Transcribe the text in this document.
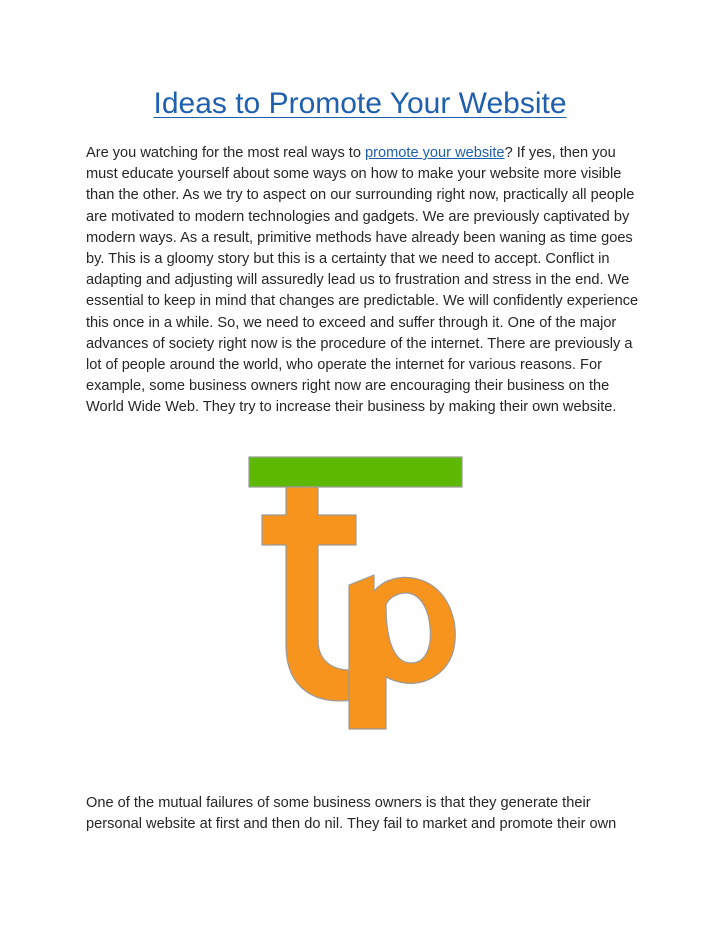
Ideas to Promote Your Website

Are you watching for the most real ways to promote your website? If yes, then you must educate yourself about some ways on how to make your website more visible than the other. As we try to aspect on our surrounding right now, practically all people are motivated to modern technologies and gadgets. We are previously captivated by modern ways. As a result, primitive methods have already been waning as time goes by. This is a gloomy story but this is a certainty that we need to accept. Conflict in adapting and adjusting will assuredly lead us to frustration and stress in the end. We essential to keep in mind that changes are predictable. We will confidently experience this once in a while. So, we need to exceed and suffer through it. One of the major advances of society right now is the procedure of the internet. There are previously a lot of people around the world, who operate the internet for various reasons. For example, some business owners right now are encouraging their business on the World Wide Web. They try to increase their business by making their own website.

One of the mutual failures of some business owners is that they generate their personal website at first and then do nil. They fail to market and promote their own
